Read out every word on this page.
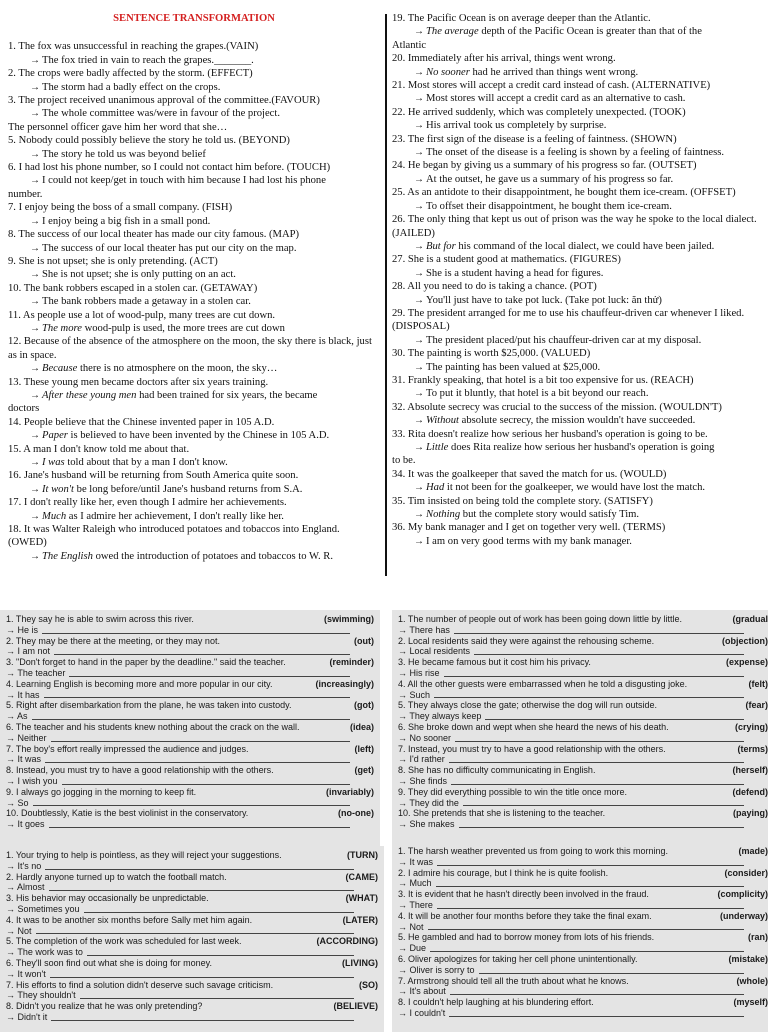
SENTENCE TRANSFORMATION
1. The fox was unsuccessful in reaching the grapes.(VAIN)
→ The fox tried in vain to reach the grapes._______.
2. The crops were badly affected by the storm. (EFFECT)
→ The storm had a badly effect on the crops.
3. The project received unanimous approval of the committee.(FAVOUR)
→ The whole committee was/were in favour of the project.
The personnel officer gave him her word that she…
5. Nobody could possibly believe the story he told us. (BEYOND)
→ The story he told us was beyond belief
6. I had lost his phone number, so I could not contact him before. (TOUCH)
→ I could not keep/get in touch with him because I had lost his phone
number.
7. I enjoy being the boss of a small company. (FISH)
→ I enjoy being a big fish in a small pond.
8. The success of our local theater has made our city famous. (MAP)
→ The success of our local theater has put our city on the map.
9. She is not upset; she is only pretending. (ACT)
→ She is not upset; she is only putting on an act.
10. The bank robbers escaped in a stolen car. (GETAWAY)
→ The bank robbers made a getaway in a stolen car.
11. As people use a lot of wood-pulp, many trees are cut down.
→ The more wood-pulp is used, the more trees are cut down
12. Because of the absence of the atmosphere on the moon, the sky there is black, just as in space.
→ Because there is no atmosphere on the moon, the sky…
13. These young men became doctors after six years training.
→ After these young men had been trained for six years, the became
doctors
14. People believe that the Chinese invented paper in 105 A.D.
→ Paper is believed to have been invented by the Chinese in 105 A.D.
15. A man I don't know told me about that.
→ I was told about that by a man I don't know.
16. Jane's husband will be returning from South America quite soon.
→ It won't be long before/until Jane's husband returns from S.A.
17. I don't really like her, even though I admire her achievements.
→ Much as I admire her achievement, I don't really like her.
18. It was Walter Raleigh who introduced potatoes and tobaccos into England. (OWED)
→ The English owed the introduction of potatoes and tobaccos to W. R.
19. The Pacific Ocean is on average deeper than the Atlantic.
→ The average depth of the Pacific Ocean is greater than that of the
Atlantic
20. Immediately after his arrival, things went wrong.
→ No sooner had he arrived than things went wrong.
21. Most stores will accept a credit card instead of cash. (ALTERNATIVE)
→ Most stores will accept a credit card as an alternative to cash.
22. He arrived suddenly, which was completely unexpected. (TOOK)
→ His arrival took us completely by surprise.
23. The first sign of the disease is a feeling of faintness. (SHOWN)
→ The onset of the disease is a feeling is shown by a feeling of faintness.
24. He began by giving us a summary of his progress so far. (OUTSET)
→ At the outset, he gave us a summary of his progress so far.
25. As an antidote to their disappointment, he bought them ice-cream. (OFFSET)
→ To offset their disappointment, he bought them ice-cream.
26. The only thing that kept us out of prison was the way he spoke to the local dialect. (JAILED)
→ But for his command of the local dialect, we could have been jailed.
27. She is a student good at mathematics. (FIGURES)
→ She is a student having a head for figures.
28. All you need to do is taking a chance. (POT)
→ You'll just have to take pot luck. (Take pot luck: ăn thử)
29. The president arranged for me to use his chauffeur-driven car whenever I liked. (DISPOSAL)
→ The president placed/put his chauffeur-driven car at my disposal.
30. The painting is worth $25,000. (VALUED)
→ The painting has been valued at $25,000.
31. Frankly speaking, that hotel is a bit too expensive for us. (REACH)
→ To put it bluntly, that hotel is a bit beyond our reach.
32. Absolute secrecy was crucial to the success of the mission. (WOULDN'T)
→ Without absolute secrecy, the mission wouldn't have succeeded.
33. Rita doesn't realize how serious her husband's operation is going to be.
→ Little does Rita realize how serious her husband's operation is going
to be.
34. It was the goalkeeper that saved the match for us. (WOULD)
→ Had it not been for the goalkeeper, we would have lost the match.
35. Tim insisted on being told the complete story. (SATISFY)
→ Nothing but the complete story would satisfy Tim.
36. My bank manager and I get on together very well. (TERMS)
→ I am on very good terms with my bank manager.
1. They say he is able to swim across this river.	(swimming)
→ He is
2. They may be there at the meeting, or they may not.	(out)
→ I am not
3. "Don't forget to hand in the paper by the deadline." said the teacher.	(reminder)
→ The teacher
4. Learning English is becoming more and more popular in our city.	(increasingly)
→ It has
5. Right after disembarkation from the plane, he was taken into custody.	(got)
→ As
6. The teacher and his students knew nothing about the crack on the wall.	(idea)
→ Neither
7. The boy's effort really impressed the audience and judges.	(left)
→ It was
8. Instead, you must try to have a good relationship with the others.	(get)
→ I wish you
9. I always go jogging in the morning to keep fit.	(invariably)
→ So
10. Doubtlessly, Katie is the best violinist in the conservatory.	(no-one)
→ It goes
1. The number of people out of work has been going down little by little.	(gradual
→ There has
2. Local residents said they were against the rehousing scheme.	(objection)
→ Local residents
3. He became famous but it cost him his privacy.	(expense)
→ His rise
4. All the other guests were embarrassed when he told a disgusting joke.	(felt)
→ Such
5. They always close the gate; otherwise the dog will run outside.	(fear)
→ They always keep
6. She broke down and wept when she heard the news of his death.	(crying)
→ No sooner
7. Instead, you must try to have a good relationship with the others.	(terms)
→ I'd rather
8. She has no difficulty communicating in English.	(herself)
→ She finds
9. They did everything possible to win the title once more.	(defend)
→ They did the
10. She pretends that she is listening to the teacher.	(paying)
→ She makes
1. Your trying to help is pointless, as they will reject your suggestions.	(TURN)
→ It's no
2. Hardly anyone turned up to watch the football match.	(CAME)
→ Almost
3. His behavior may occasionally be unpredictable.	(WHAT)
→ Sometimes you
4. It was to be another six months before Sally met him again.	(LATER)
→ Not
5. The completion of the work was scheduled for last week.	(ACCORDING)
→ The work was to
6. They'll soon find out what she is doing for money.	(LIVING)
→ It won't
7. His efforts to find a solution didn't deserve such savage criticism.	(SO)
→ They shouldn't
8. Didn't you realize that he was only pretending?	(BELIEVE)
→ Didn't it
1. The harsh weather prevented us from going to work this morning.	(made)
→ It was
2. I admire his courage, but I think he is quite foolish.	(consider)
→ Much
3. It is evident that he hasn't directly been involved in the fraud.	(complicity)
→ There
4. It will be another four months before they take the final exam.	(underway)
→ Not
5. He gambled and had to borrow money from lots of his friends.	(ran)
→ Due
6. Oliver apologizes for taking her cell phone unintentionally.	(mistake)
→ Oliver is sorry to
7. Armstrong should tell all the truth about what he knows.	(whole)
→ It's about
8. I couldn't help laughing at his blundering effort.	(myself)
→ I couldn't
